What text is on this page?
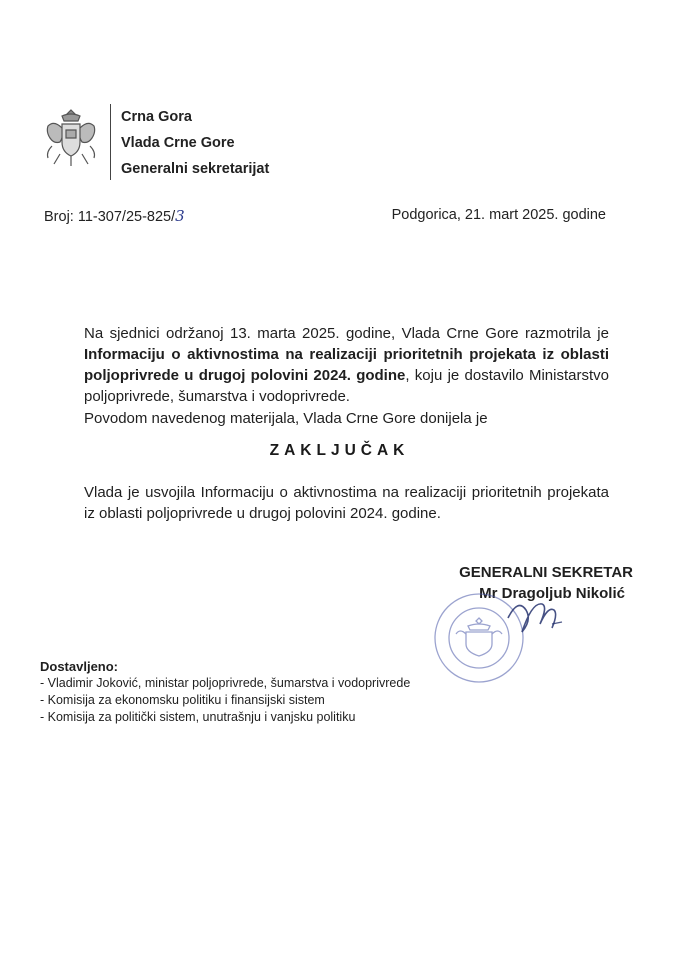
Crna Gora
Vlada Crne Gore
Generalni sekretarijat
Broj: 11-307/25-825/3	Podgorica, 21. mart 2025. godine
Na sjednici održanoj 13. marta 2025. godine, Vlada Crne Gore razmotrila je Informaciju o aktivnostima na realizaciji prioritetnih projekata iz oblasti poljoprivrede u drugoj polovini 2024. godine, koju je dostavilo Ministarstvo poljoprivrede, šumarstva i vodoprivrede.
Povodom navedenog materijala, Vlada Crne Gore donijela je
ZAKLJUČAK
Vlada je usvojila Informaciju o aktivnostima na realizaciji prioritetnih projekata iz oblasti poljoprivrede u drugoj polovini 2024. godine.
GENERALNI SEKRETAR
Mr Dragoljub Nikolić
Dostavljeno:
- Vladimir Joković, ministar poljoprivrede, šumarstva i vodoprivrede
- Komisija za ekonomsku politiku i finansijski sistem
- Komisija za politički sistem, unutrašnju i vanjsku politiku
